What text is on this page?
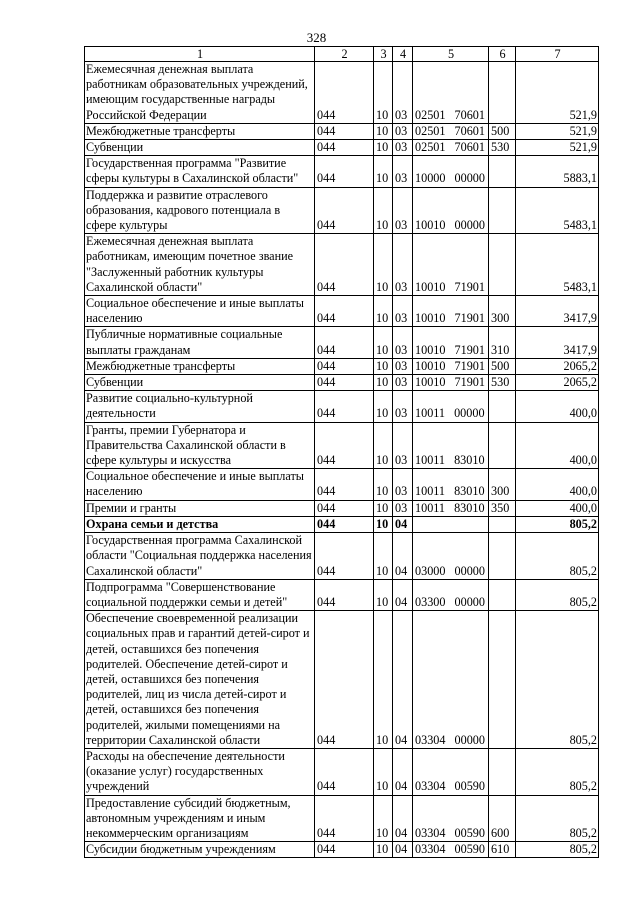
328
1	2	3	4	5	6	7
Ежемесячная денежная выплата работникам образовательных учреждений, имеющим государственные награды Российской Федерации	044	10	03	02501 70601		521,9
Межбюджетные трансферты	044	10	03	02501 70601	500	521,9
Субвенции	044	10	03	02501 70601	530	521,9
Государственная программа "Развитие сферы культуры в Сахалинской области"	044	10	03	10000 00000		5883,1
Поддержка и развитие отраслевого образования, кадрового потенциала в сфере культуры	044	10	03	10010 00000		5483,1
Ежемесячная денежная выплата работникам, имеющим почетное звание "Заслуженный работник культуры Сахалинской области"	044	10	03	10010 71901		5483,1
Социальное обеспечение и иные выплаты населению	044	10	03	10010 71901	300	3417,9
Публичные нормативные социальные выплаты гражданам	044	10	03	10010 71901	310	3417,9
Межбюджетные трансферты	044	10	03	10010 71901	500	2065,2
Субвенции	044	10	03	10010 71901	530	2065,2
Развитие социально-культурной деятельности	044	10	03	10011 00000		400,0
Гранты, премии Губернатора и Правительства Сахалинской области в сфере культуры и искусства	044	10	03	10011 83010		400,0
Социальное обеспечение и иные выплаты населению	044	10	03	10011 83010	300	400,0
Премии и гранты	044	10	03	10011 83010	350	400,0
Охрана семьи и детства	044	10	04			805,2
Государственная программа Сахалинской области "Социальная поддержка населения Сахалинской области"	044	10	04	03000 00000		805,2
Подпрограмма "Совершенствование социальной поддержки семьи и детей"	044	10	04	03300 00000		805,2
Обеспечение своевременной реализации социальных прав и гарантий детей-сирот и детей, оставшихся без попечения родителей. Обеспечение детей-сирот и детей, оставшихся без попечения родителей, лиц из числа детей-сирот и детей, оставшихся без попечения родителей, жилыми помещениями на территории Сахалинской области	044	10	04	03304 00000		805,2
Расходы на обеспечение деятельности (оказание услуг) государственных учреждений	044	10	04	03304 00590		805,2
Предоставление субсидий бюджетным, автономным учреждениям и иным некоммерческим организациям	044	10	04	03304 00590	600	805,2
Субсидии бюджетным учреждениям	044	10	04	03304 00590	610	805,2
